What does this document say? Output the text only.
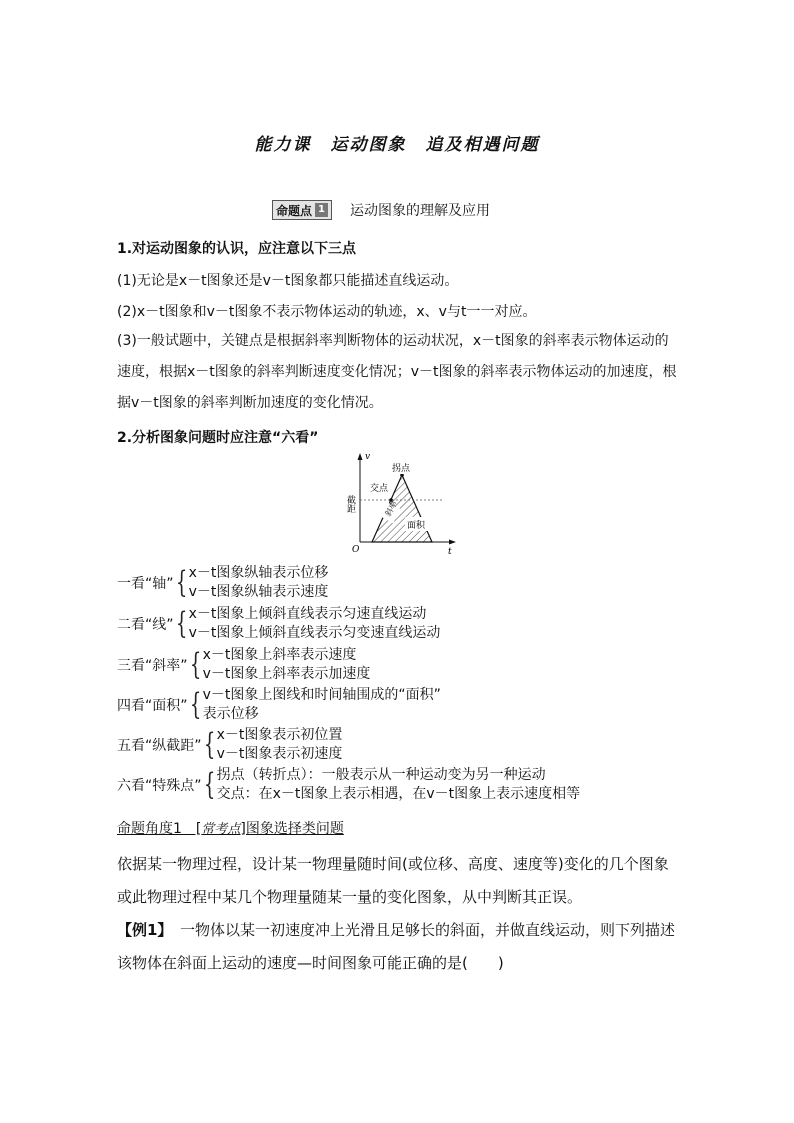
能力课　运动图象　追及相遇问题
命题点 1 运动图象的理解及应用
1.对运动图象的认识，应注意以下三点
(1)无论是x－t图象还是v－t图象都只能描述直线运动。
(2)x－t图象和v－t图象不表示物体运动的轨迹，x、v与t一一对应。

(3)一般试题中，关键点是根据斜率判断物体的运动状况，x－t图象的斜率表示物体运动的速度，根据x－t图象的斜率判断速度变化情况；v－t图象的斜率表示物体运动的加速度，根据v－t图象的斜率判断加速度的变化情况。

2.分析图象问题时应注意“六看”
v
t
O
拐点
交点
截距	斜率
面积
一看“轴” { x－t图象纵轴表示位移
v－t图象纵轴表示速度
二看“线” { x－t图象上倾斜直线表示匀速直线运动
v－t图象上倾斜直线表示匀变速直线运动
三看“斜率” { x－t图象上斜率表示速度
v－t图象上斜率表示加速度
四看“面积” { v－t图象上图线和时间轴围成的“面积”
表示位移
五看“纵截距” { x－t图象表示初位置
v－t图象表示初速度
六看“特殊点” { 拐点（转折点）：一般表示从一种运动变为另一种运动
交点：在x－t图象上表示相遇，在v－t图象上表示速度相等
命题角度1　[常考点]图象选择类问题

依据某一物理过程，设计某一物理量随时间(或位移、高度、速度等)变化的几个图象或此物理过程中某几个物理量随某一量的变化图象，从中判断其正误。

【例1】　一物体以某一初速度冲上光滑且足够长的斜面，并做直线运动，则下列描述该物体在斜面上运动的速度—时间图象可能正确的是(　　)
